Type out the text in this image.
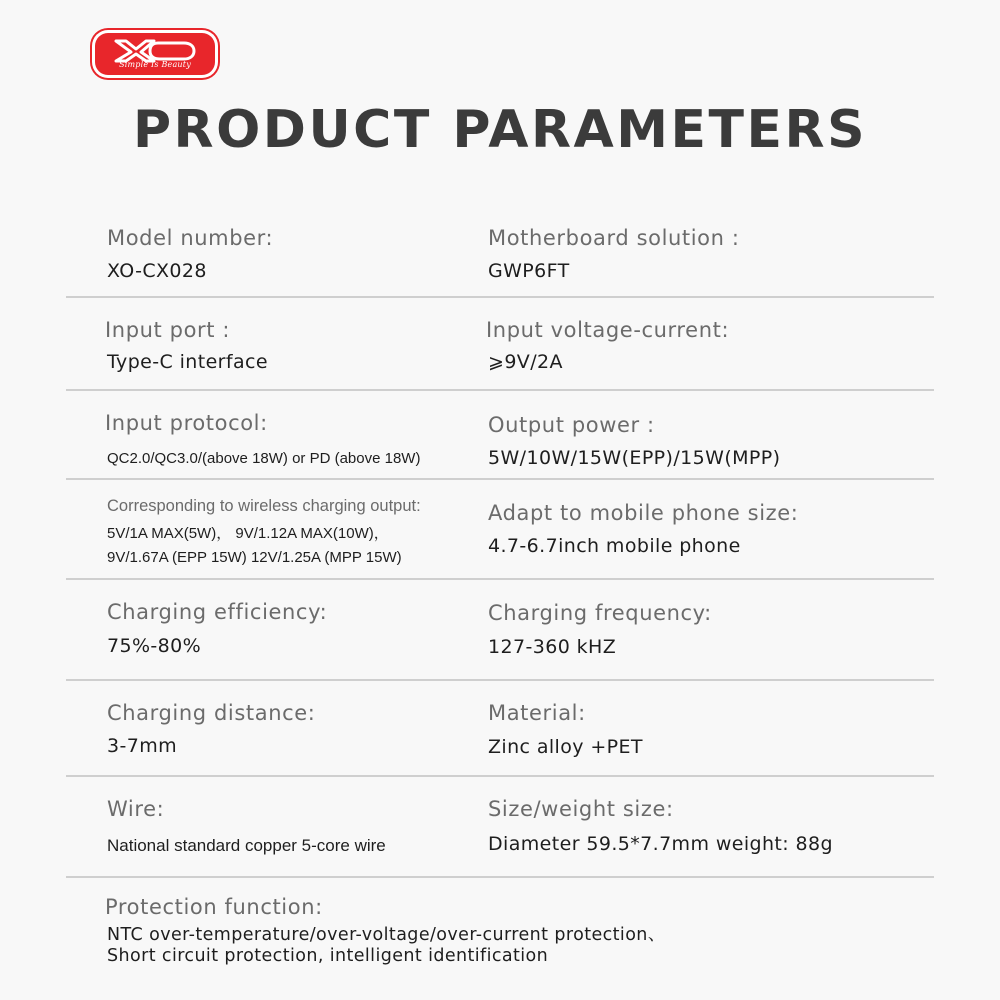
Simple Is Beauty
PRODUCT PARAMETERS
Model number:
XO-CX028
Motherboard solution :
GWP6FT
Input port :
Type-C interface
Input voltage-current:
⩾9V/2A
Input protocol:
QC2.0/QC3.0/(above 18W) or PD (above 18W)
Output power :
5W/10W/15W(EPP)/15W(MPP)
Corresponding to wireless charging output:
5V/1A MAX(5W)， 9V/1.12A MAX(10W)，
9V/1.67A (EPP 15W) 12V/1.25A (MPP 15W)
Adapt to mobile phone size:
4.7-6.7inch mobile phone
Charging efficiency:
75%-80%
Charging frequency:
127-360 kHZ
Charging distance:
3-7mm
Material:
Zinc alloy +PET
Wire:
National standard copper 5-core wire
Size/weight size:
Diameter 59.5*7.7mm weight: 88g
Protection function:
NTC over-temperature/over-voltage/over-current protection、
Short circuit protection, intelligent identification
